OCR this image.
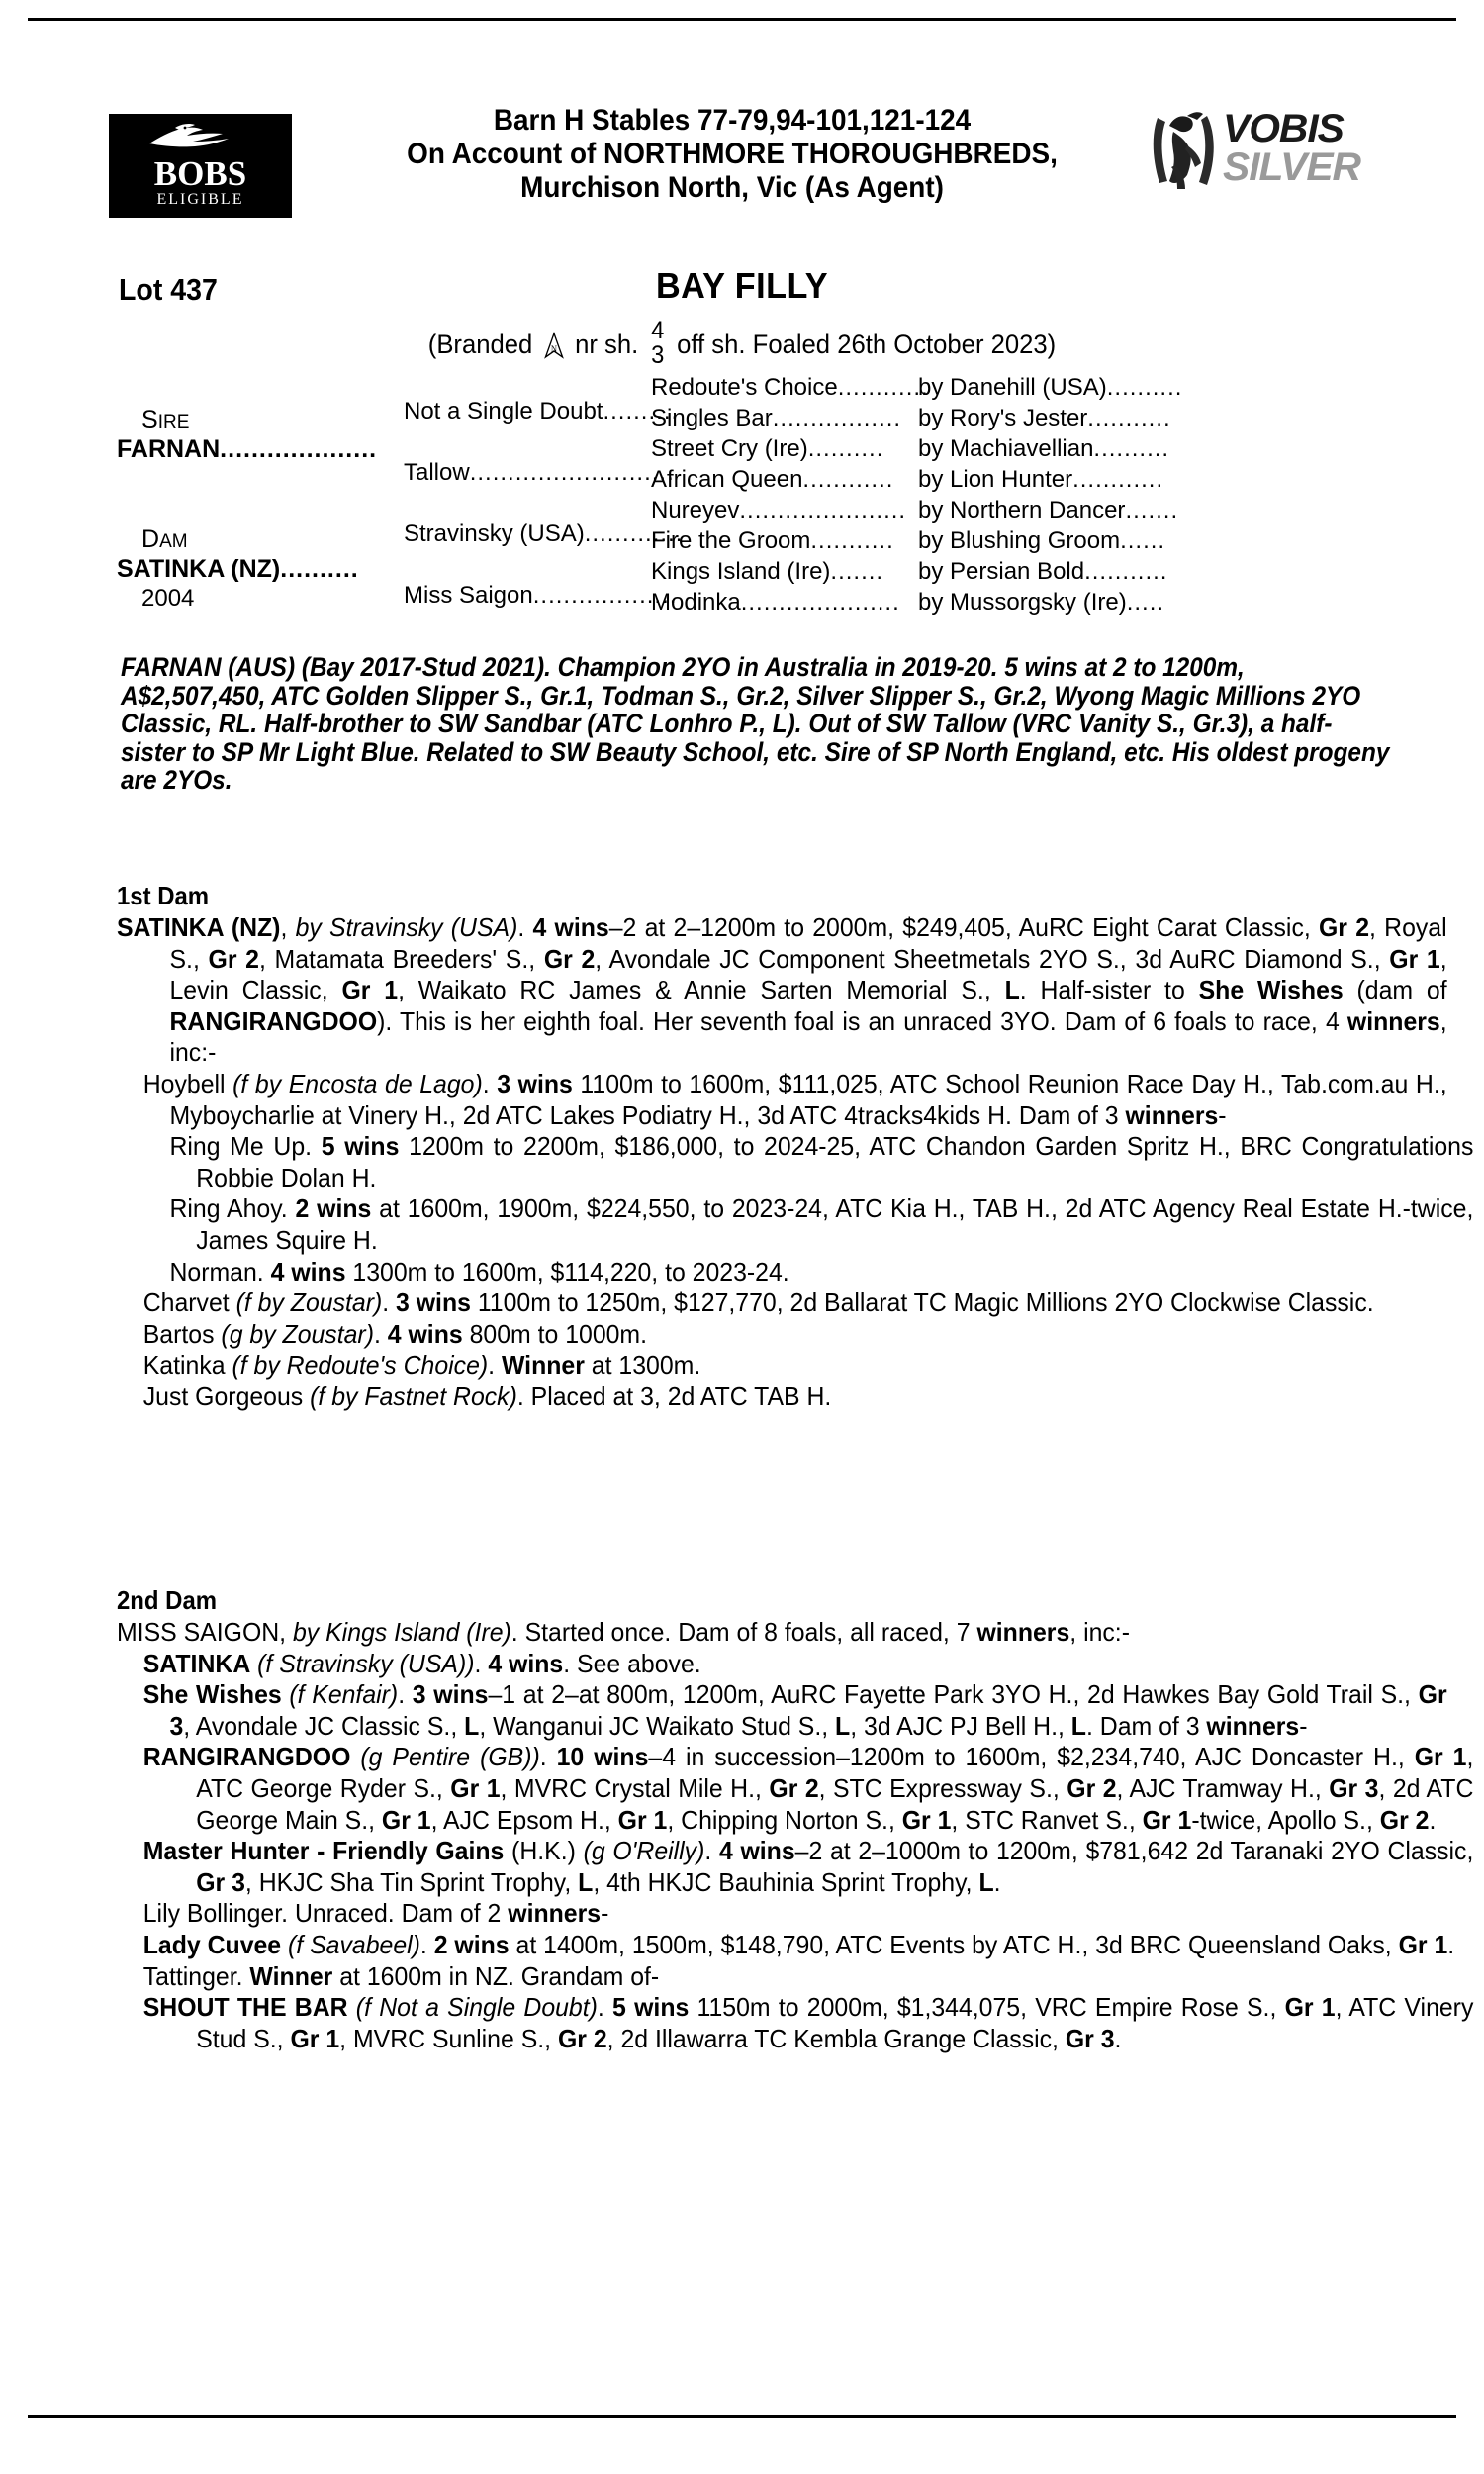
BOBS
ELIGIBLE
Barn H Stables 77-79,94-101,121-124
On Account of NORTHMORE THOROUGHBREDS,
Murchison North, Vic (As Agent)
VOBIS
SILVER
Lot 437	BAY FILLY
(Branded N nr sh. 4
3 off sh. Foaled 26th October 2023)
SIRE
FARNAN....................
DAM
SATINKA (NZ)..........
2004
Not a Single Doubt..........
Tallow...........................
Stravinsky (USA).............
Miss Saigon...................
Redoute's Choice............
Singles Bar.................
Street Cry (Ire)..........
African Queen............
Nureyev......................
Fire the Groom...........
Kings Island (Ire).......
Modinka.....................
by Danehill (USA)..........
by Rory's Jester...........
by Machiavellian..........
by Lion Hunter............
by Northern Dancer.......
by Blushing Groom......
by Persian Bold...........
by Mussorgsky (Ire).....
FARNAN (AUS) (Bay 2017-Stud 2021). Champion 2YO in Australia in 2019-20. 5 wins at 2 to 1200m, A$2,507,450, ATC Golden Slipper S., Gr.1, Todman S., Gr.2, Silver Slipper S., Gr.2, Wyong Magic Millions 2YO Classic, RL. Half-brother to SW Sandbar (ATC Lonhro P., L). Out of SW Tallow (VRC Vanity S., Gr.3), a half-sister to SP Mr Light Blue. Related to SW Beauty School, etc. Sire of SP North England, etc. His oldest progeny are 2YOs.
1st Dam

SATINKA (NZ), by Stravinsky (USA). 4 wins–2 at 2–1200m to 2000m, $249,405, AuRC Eight Carat Classic, Gr 2, Royal S., Gr 2, Matamata Breeders' S., Gr 2, Avondale JC Component Sheetmetals 2YO S., 3d AuRC Diamond S., Gr 1, Levin Classic, Gr 1, Waikato RC James & Annie Sarten Memorial S., L. Half-sister to She Wishes (dam of RANGIRANGDOO). This is her eighth foal. Her seventh foal is an unraced 3YO. Dam of 6 foals to race, 4 winners, inc:-

Hoybell (f by Encosta de Lago). 3 wins 1100m to 1600m, $111,025, ATC School Reunion Race Day H., Tab.com.au H., Myboycharlie at Vinery H., 2d ATC Lakes Podiatry H., 3d ATC 4tracks4kids H. Dam of 3 winners-

Ring Me Up. 5 wins 1200m to 2200m, $186,000, to 2024-25, ATC Chandon Garden Spritz H., BRC Congratulations Robbie Dolan H.

Ring Ahoy. 2 wins at 1600m, 1900m, $224,550, to 2023-24, ATC Kia H., TAB H., 2d ATC Agency Real Estate H.-twice, James Squire H.

Norman. 4 wins 1300m to 1600m, $114,220, to 2023-24.

Charvet (f by Zoustar). 3 wins 1100m to 1250m, $127,770, 2d Ballarat TC Magic Millions 2YO Clockwise Classic.

Bartos (g by Zoustar). 4 wins 800m to 1000m.

Katinka (f by Redoute's Choice). Winner at 1300m.

Just Gorgeous (f by Fastnet Rock). Placed at 3, 2d ATC TAB H.

2nd Dam

MISS SAIGON, by Kings Island (Ire). Started once. Dam of 8 foals, all raced, 7 winners, inc:-

SATINKA (f Stravinsky (USA)). 4 wins. See above.

She Wishes (f Kenfair). 3 wins–1 at 2–at 800m, 1200m, AuRC Fayette Park 3YO H., 2d Hawkes Bay Gold Trail S., Gr 3, Avondale JC Classic S., L, Wanganui JC Waikato Stud S., L, 3d AJC PJ Bell H., L. Dam of 3 winners-

RANGIRANGDOO (g Pentire (GB)). 10 wins–4 in succession–1200m to 1600m, $2,234,740, AJC Doncaster H., Gr 1, ATC George Ryder S., Gr 1, MVRC Crystal Mile H., Gr 2, STC Expressway S., Gr 2, AJC Tramway H., Gr 3, 2d ATC George Main S., Gr 1, AJC Epsom H., Gr 1, Chipping Norton S., Gr 1, STC Ranvet S., Gr 1-twice, Apollo S., Gr 2.

Master Hunter - Friendly Gains (H.K.) (g O'Reilly). 4 wins–2 at 2–1000m to 1200m, $781,642 2d Taranaki 2YO Classic, Gr 3, HKJC Sha Tin Sprint Trophy, L, 4th HKJC Bauhinia Sprint Trophy, L.

Lily Bollinger. Unraced. Dam of 2 winners-

Lady Cuvee (f Savabeel). 2 wins at 1400m, 1500m, $148,790, ATC Events by ATC H., 3d BRC Queensland Oaks, Gr 1.

Tattinger. Winner at 1600m in NZ. Grandam of-

SHOUT THE BAR (f Not a Single Doubt). 5 wins 1150m to 2000m, $1,344,075, VRC Empire Rose S., Gr 1, ATC Vinery Stud S., Gr 1, MVRC Sunline S., Gr 2, 2d Illawarra TC Kembla Grange Classic, Gr 3.
